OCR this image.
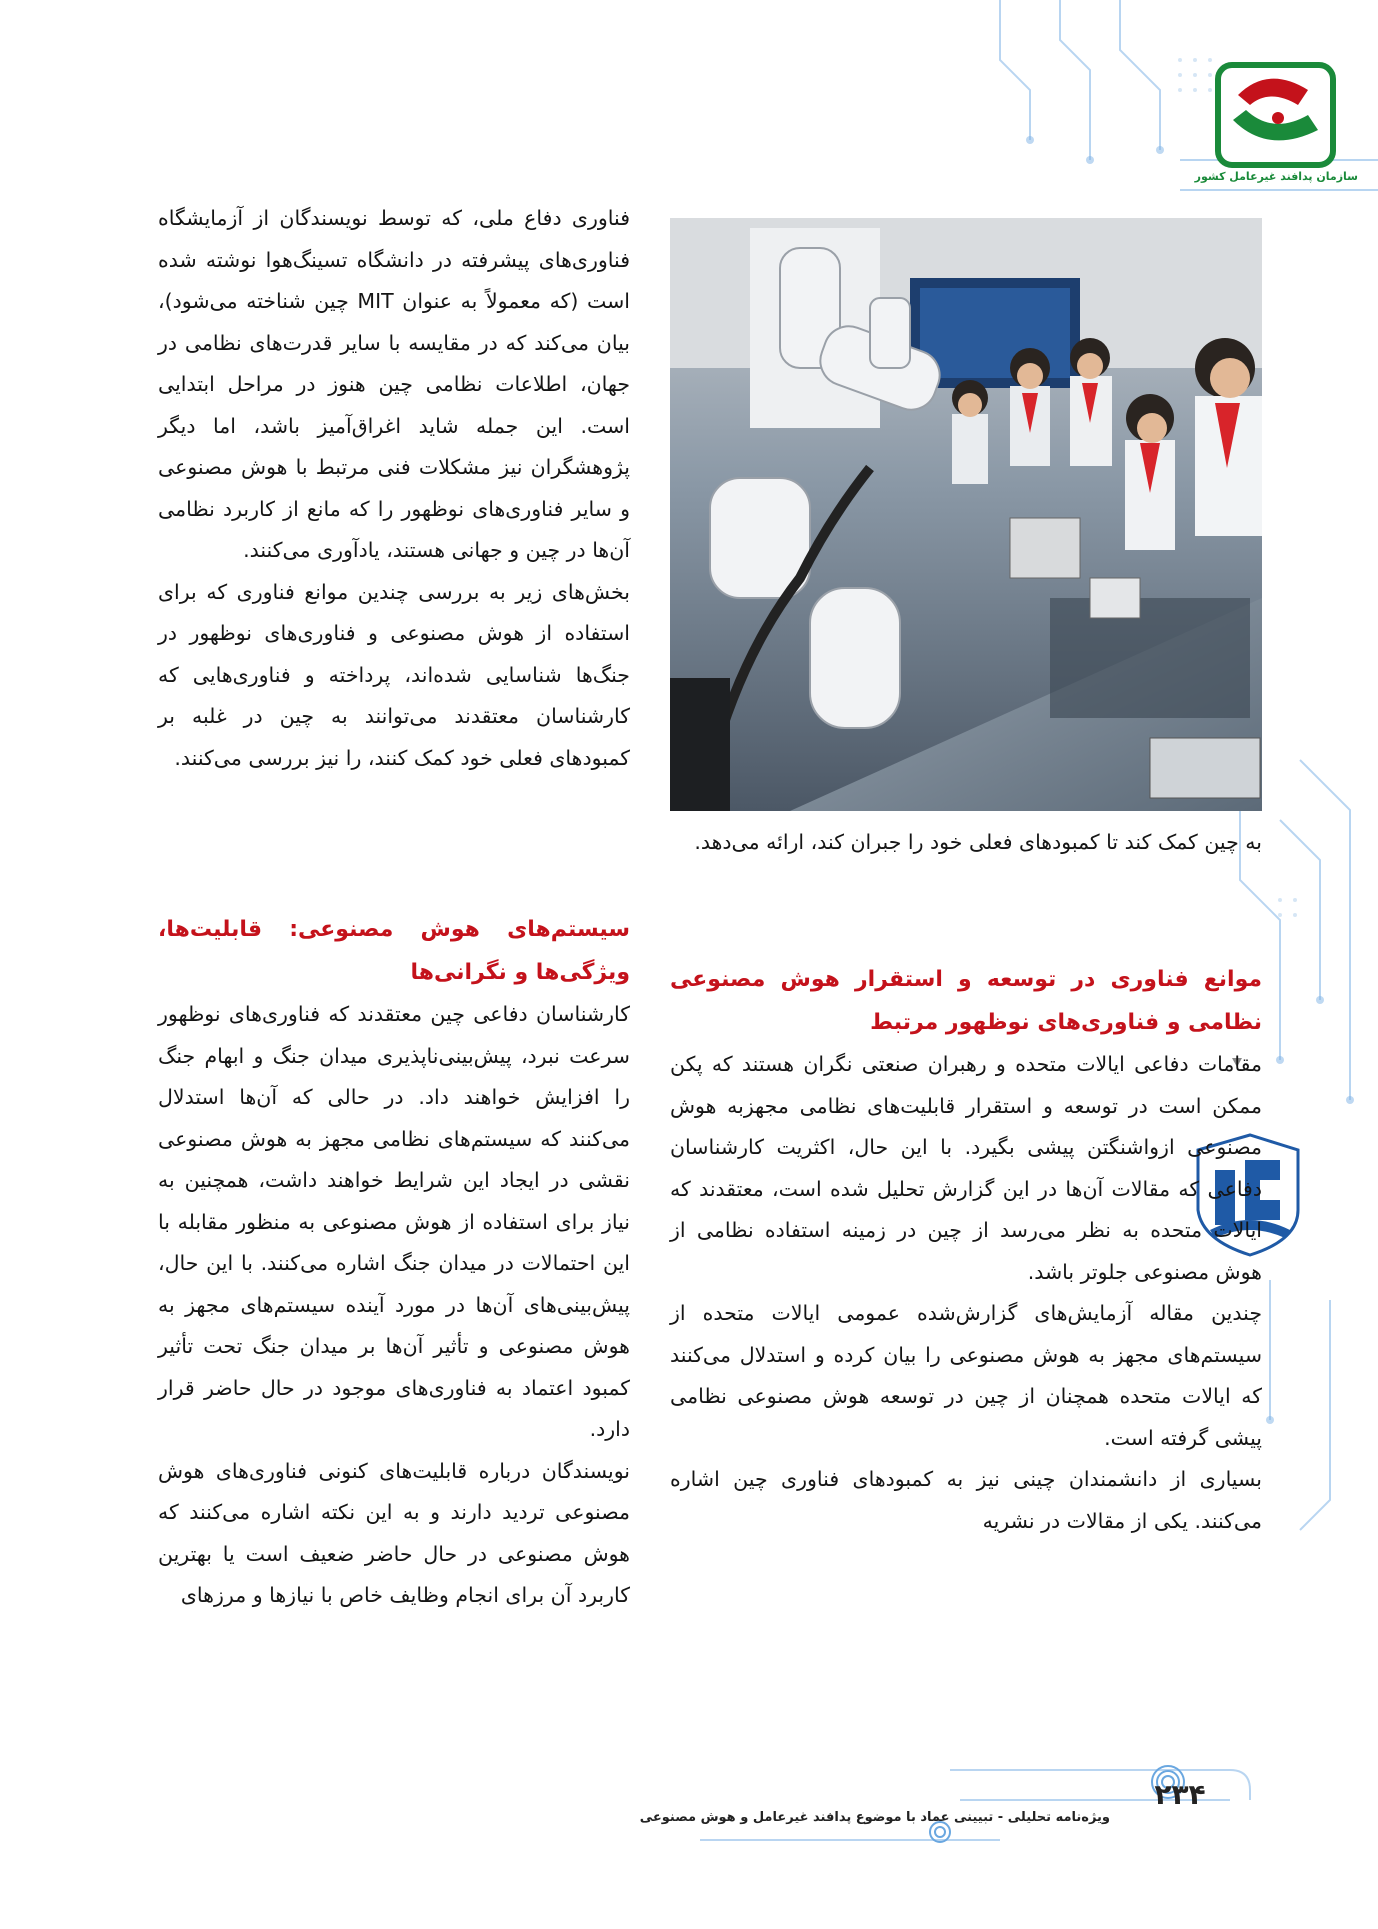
سازمان پدافند غیرعامل کشور

به چین کمک کند تا کمبودهای فعلی خود را جبران کند، ارائه می‌دهد.

موانع فناوری در توسعه و استقرار هوش مصنوعی نظامی و فناوری‌های نوظهور مرتبط

مقامات دفاعی ایالات متحده و رهبران صنعتی نگران هستند که پکن ممکن است در توسعه و استقرار قابلیت‌های نظامی مجهزبه هوش مصنوعی ازواشنگتن پیشی بگیرد. با این حال، اکثریت کارشناسان دفاعی که مقالات آن‌ها در این گزارش تحلیل شده است، معتقدند که ایالات متحده به نظر می‌رسد از چین در زمینه استفاده نظامی از هوش مصنوعی جلوتر باشد.

چندین مقاله آزمایش‌های گزارش‌شده عمومی ایالات متحده از سیستم‌های مجهز به هوش مصنوعی را بیان کرده و استدلال می‌کنند که ایالات متحده همچنان از چین در توسعه هوش مصنوعی نظامی پیشی گرفته است.

بسیاری از دانشمندان چینی نیز به کمبودهای فناوری چین اشاره می‌کنند. یکی از مقالات در نشریه

فناوری دفاع ملی، که توسط نویسندگان از آزمایشگاه فناوری‌های پیشرفته در دانشگاه تسینگ‌هوا نوشته شده است (که معمولاً به عنوان MIT چین شناخته می‌شود)، بیان می‌کند که در مقایسه با سایر قدرت‌های نظامی در جهان، اطلاعات نظامی چین هنوز در مراحل ابتدایی است. این جمله شاید اغراق‌آمیز باشد، اما دیگر پژوهشگران نیز مشکلات فنی مرتبط با هوش مصنوعی و سایر فناوری‌های نوظهور را که مانع از کاربرد نظامی آن‌ها در چین و جهانی هستند، یادآوری می‌کنند.

بخش‌های زیر به بررسی چندین موانع فناوری که برای استفاده از هوش مصنوعی و فناوری‌های نوظهور در جنگ‌ها شناسایی شده‌اند، پرداخته و فناوری‌هایی که کارشناسان معتقدند می‌توانند به چین در غلبه بر کمبودهای فعلی خود کمک کنند، را نیز بررسی می‌کنند.

سیستم‌های هوش مصنوعی: قابلیت‌ها، ویژگی‌ها و نگرانی‌ها

کارشناسان دفاعی چین معتقدند که فناوری‌های نوظهور سرعت نبرد، پیش‌بینی‌ناپذیری میدان جنگ و ابهام جنگ را افزایش خواهند داد. در حالی که آن‌ها استدلال می‌کنند که سیستم‌های نظامی مجهز به هوش مصنوعی نقشی در ایجاد این شرایط خواهند داشت، همچنین به نیاز برای استفاده از هوش مصنوعی به منظور مقابله با این احتمالات در میدان جنگ اشاره می‌کنند. با این حال، پیش‌بینی‌های آن‌ها در مورد آینده سیستم‌های مجهز به هوش مصنوعی و تأثیر آن‌ها بر میدان جنگ تحت تأثیر کمبود اعتماد به فناوری‌های موجود در حال حاضر قرار دارد.

نویسندگان درباره قابلیت‌های کنونی فناوری‌های هوش مصنوعی تردید دارند و به این نکته اشاره می‌کنند که هوش مصنوعی در حال حاضر ضعیف است یا بهترین کاربرد آن برای انجام وظایف خاص با نیازها و مرزهای

۲۳۴
ویژه‌نامه تحلیلی - تبیینی عماد با موضوع پدافند غیرعامل و هوش مصنوعی
